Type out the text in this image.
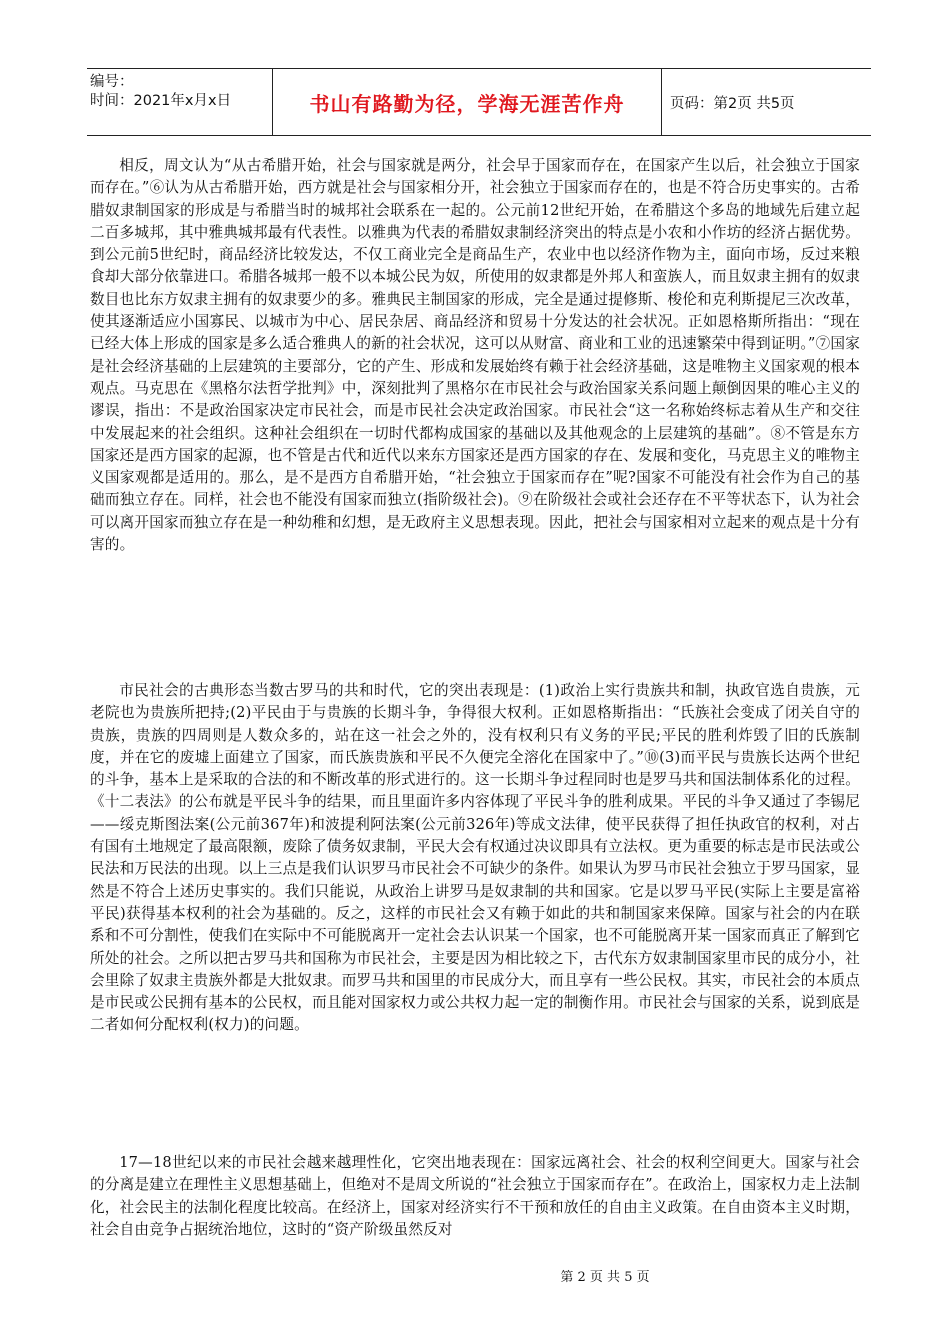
编号：
时间：2021年x月x日	书山有路勤为径，学海无涯苦作舟	页码：第2页 共5页

相反，周文认为“从古希腊开始，社会与国家就是两分，社会早于国家而存在，在国家产生以后，社会独立于国家而存在。”⑥认为从古希腊开始，西方就是社会与国家相分开，社会独立于国家而存在的，也是不符合历史事实的。古希腊奴隶制国家的形成是与希腊当时的城邦社会联系在一起的。公元前12世纪开始，在希腊这个多岛的地域先后建立起二百多城邦，其中雅典城邦最有代表性。以雅典为代表的希腊奴隶制经济突出的特点是小农和小作坊的经济占据优势。到公元前5世纪时，商品经济比较发达，不仅工商业完全是商品生产，农业中也以经济作物为主，面向市场，反过来粮食却大部分依靠进口。希腊各城邦一般不以本城公民为奴，所使用的奴隶都是外邦人和蛮族人，而且奴隶主拥有的奴隶数目也比东方奴隶主拥有的奴隶要少的多。雅典民主制国家的形成，完全是通过提修斯、梭伦和克利斯提尼三次改革，使其逐渐适应小国寡民、以城市为中心、居民杂居、商品经济和贸易十分发达的社会状况。正如恩格斯所指出：“现在已经大体上形成的国家是多么适合雅典人的新的社会状况，这可以从财富、商业和工业的迅速繁荣中得到证明。”⑦国家是社会经济基础的上层建筑的主要部分，它的产生、形成和发展始终有赖于社会经济基础，这是唯物主义国家观的根本观点。马克思在《黑格尔法哲学批判》中，深刻批判了黑格尔在市民社会与政治国家关系问题上颠倒因果的唯心主义的谬误，指出：不是政治国家决定市民社会，而是市民社会决定政治国家。市民社会“这一名称始终标志着从生产和交往中发展起来的社会组织。这种社会组织在一切时代都构成国家的基础以及其他观念的上层建筑的基础”。⑧不管是东方国家还是西方国家的起源，也不管是古代和近代以来东方国家还是西方国家的存在、发展和变化，马克思主义的唯物主义国家观都是适用的。那么，是不是西方自希腊开始，“社会独立于国家而存在”呢?国家不可能没有社会作为自己的基础而独立存在。同样，社会也不能没有国家而独立(指阶级社会)。⑨在阶级社会或社会还存在不平等状态下，认为社会可以离开国家而独立存在是一种幼稚和幻想，是无政府主义思想表现。因此，把社会与国家相对立起来的观点是十分有害的。

市民社会的古典形态当数古罗马的共和时代，它的突出表现是：(1)政治上实行贵族共和制，执政官选自贵族，元老院也为贵族所把持;(2)平民由于与贵族的长期斗争，争得很大权利。正如恩格斯指出：“氏族社会变成了闭关自守的贵族，贵族的四周则是人数众多的，站在这一社会之外的，没有权利只有义务的平民;平民的胜利炸毁了旧的氏族制度，并在它的废墟上面建立了国家，而氏族贵族和平民不久便完全溶化在国家中了。”⑩(3)而平民与贵族长达两个世纪的斗争，基本上是采取的合法的和不断改革的形式进行的。这一长期斗争过程同时也是罗马共和国法制体系化的过程。《十二表法》的公布就是平民斗争的结果，而且里面许多内容体现了平民斗争的胜利成果。平民的斗争又通过了李锡尼——绥克斯图法案(公元前367年)和波提利阿法案(公元前326年)等成文法律，使平民获得了担任执政官的权利，对占有国有土地规定了最高限额，废除了债务奴隶制，平民大会有权通过决议即具有立法权。更为重要的标志是市民法或公民法和万民法的出现。以上三点是我们认识罗马市民社会不可缺少的条件。如果认为罗马市民社会独立于罗马国家，显然是不符合上述历史事实的。我们只能说，从政治上讲罗马是奴隶制的共和国家。它是以罗马平民(实际上主要是富裕平民)获得基本权利的社会为基础的。反之，这样的市民社会又有赖于如此的共和制国家来保障。国家与社会的内在联系和不可分割性，使我们在实际中不可能脱离开一定社会去认识某一个国家，也不可能脱离开某一国家而真正了解到它所处的社会。之所以把古罗马共和国称为市民社会，主要是因为相比较之下，古代东方奴隶制国家里市民的成分小，社会里除了奴隶主贵族外都是大批奴隶。而罗马共和国里的市民成分大，而且享有一些公民权。其实，市民社会的本质点是市民或公民拥有基本的公民权，而且能对国家权力或公共权力起一定的制衡作用。市民社会与国家的关系，说到底是二者如何分配权利(权力)的问题。

17—18世纪以来的市民社会越来越理性化，它突出地表现在：国家远离社会、社会的权利空间更大。国家与社会的分离是建立在理性主义思想基础上，但绝对不是周文所说的“社会独立于国家而存在”。在政治上，国家权力走上法制化，社会民主的法制化程度比较高。在经济上，国家对经济实行不干预和放任的自由主义政策。在自由资本主义时期，社会自由竞争占据统治地位，这时的“资产阶级虽然反对

第 2 页 共 5 页
